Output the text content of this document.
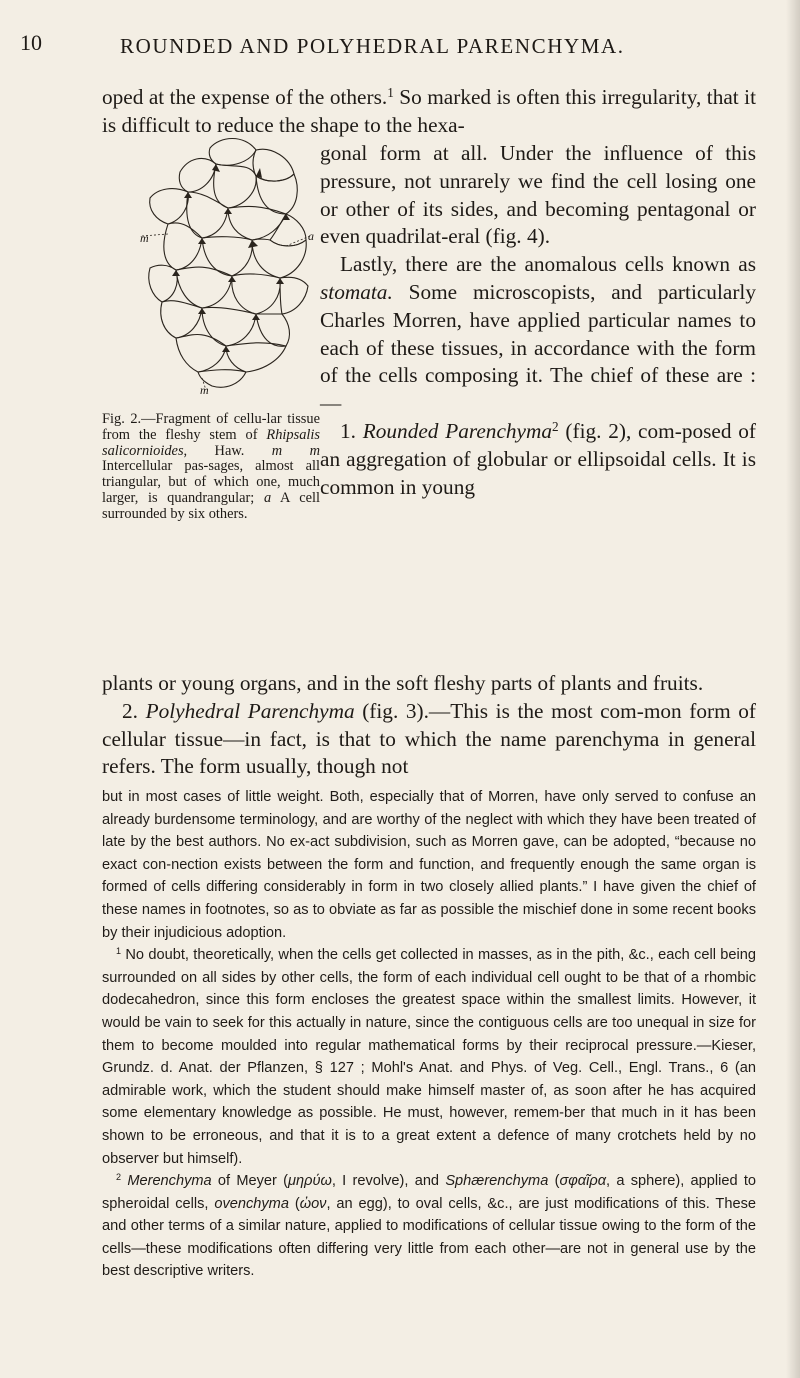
10	ROUNDED AND POLYHEDRAL PARENCHYMA.

oped at the expense of the others.$^1$ So marked is often this irregularity, that it is difficult to reduce the shape to the hexa-

m	a
m
Fig. 2.—Fragment of cellu-lar tissue from the fleshy stem of Rhipsalis salicornioides, Haw. m m Intercellular pas-sages, almost all triangular, but of which one, much larger, is quandrangular; a A cell surrounded by six others.

gonal form at all. Under the influence of this pressure, not unrarely we find the cell losing one or other of its sides, and becoming pentagonal or even quadrilat-eral (fig. 4).

Lastly, there are the anomalous cells known as stomata. Some microscopists, and particularly Charles Morren, have applied particular names to each of these tissues, in accordance with the form of the cells composing it. The chief of these are :—

1. Rounded Parenchyma$^2$ (fig. 2), com-posed of an aggregation of globular or ellipsoidal cells. It is common in young

plants or young organs, and in the soft fleshy parts of plants and fruits.

2. Polyhedral Parenchyma (fig. 3).—This is the most com-mon form of cellular tissue—in fact, is that to which the name parenchyma in general refers. The form usually, though not

but in most cases of little weight. Both, especially that of Morren, have only served to confuse an already burdensome terminology, and are worthy of the neglect with which they have been treated of late by the best authors. No ex-act subdivision, such as Morren gave, can be adopted, “because no exact con-nection exists between the form and function, and frequently enough the same organ is formed of cells differing considerably in form in two closely allied plants.” I have given the chief of these names in footnotes, so as to obviate as far as possible the mischief done in some recent books by their injudicious adoption.

$^1$ No doubt, theoretically, when the cells get collected in masses, as in the pith, &c., each cell being surrounded on all sides by other cells, the form of each individual cell ought to be that of a rhombic dodecahedron, since this form encloses the greatest space within the smallest limits. However, it would be vain to seek for this actually in nature, since the contiguous cells are too unequal in size for them to become moulded into regular mathematical forms by their reciprocal pressure.—Kieser, Grundz. d. Anat. der Pflanzen, § 127 ; Mohl's Anat. and Phys. of Veg. Cell., Engl. Trans., 6 (an admirable work, which the student should make himself master of, as soon after he has acquired some elementary knowledge as possible. He must, however, remem-ber that much in it has been shown to be erroneous, and that it is to a great extent a defence of many crotchets held by no observer but himself).

$^2$ Merenchyma of Meyer (μηρύω, I revolve), and Sphærenchyma (σφαῖρα, a sphere), applied to spheroidal cells, ovenchyma (ὠον, an egg), to oval cells, &c., are just modifications of this. These and other terms of a similar nature, applied to modifications of cellular tissue owing to the form of the cells—these modifications often differing very little from each other—are not in general use by the best descriptive writers.
